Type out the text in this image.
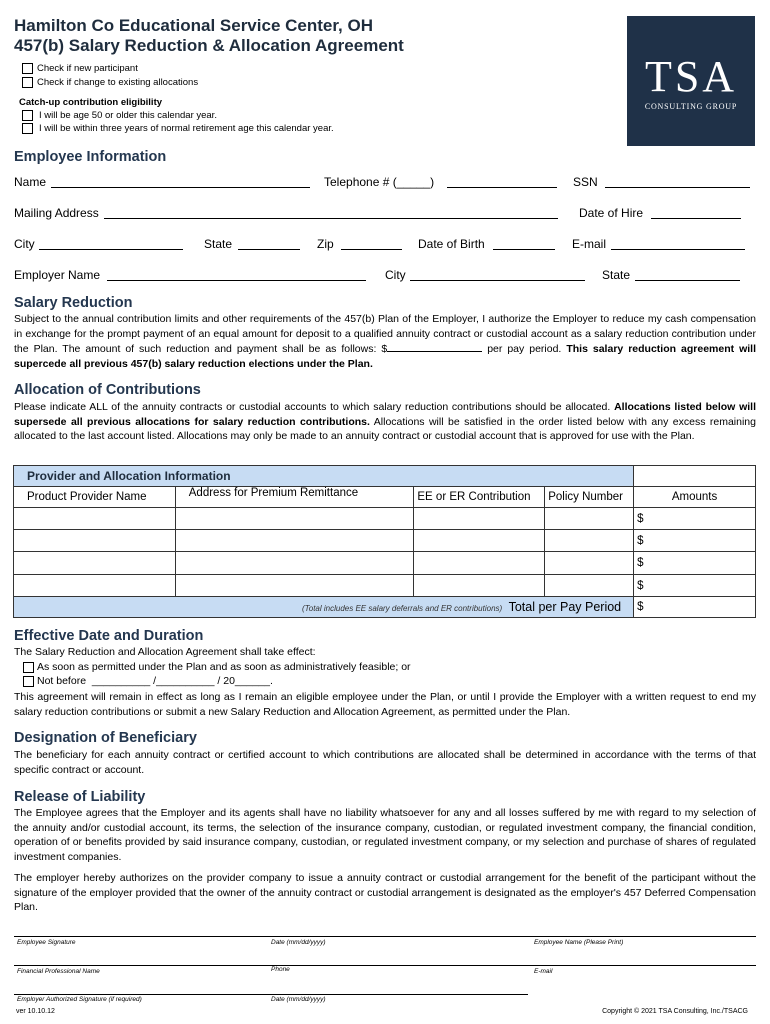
Hamilton Co Educational Service Center, OH
457(b) Salary Reduction & Allocation Agreement
Check if new participant
Check if change to existing allocations
Catch-up contribution eligibility
I will be age 50 or older this calendar year.
I will be within three years of normal retirement age this calendar year.
TSA
CONSULTING GROUP
Employee Information
Name	Telephone # (_____)	SSN
Mailing Address	Date of Hire
City	State	Zip	Date of Birth	E-mail
Employer Name	City	State
Salary Reduction
Subject to the annual contribution limits and other requirements of the 457(b) Plan of the Employer, I authorize the Employer to reduce my cash compensation in exchange for the prompt payment of an equal amount for deposit to a qualified annuity contract or custodial account as a salary reduction contribution under the Plan. The amount of such reduction and payment shall be as follows: $	per pay period. This salary reduction agreement will supercede all previous 457(b) salary reduction elections under the Plan.
Allocation of Contributions
Please indicate ALL of the annuity contracts or custodial accounts to which salary reduction contributions should be allocated. Allocations listed below will supersede all previous allocations for salary reduction contributions. Allocations will be satisfied in the order listed below with any excess remaining allocated to the last account listed. Allocations may only be made to an annuity contract or custodial account that is approved for use with the Plan.
Provider and Allocation Information				
Product Provider Name	Address for Premium Remittance	EE or ER Contribution	Policy Number	Amounts
				$
				$
				$
				$
(Total includes EE salary deferrals and ER contributions) Total per Pay Period				$
Effective Date and Duration
The Salary Reduction and Allocation Agreement shall take effect:
As soon as permitted under the Plan and as soon as administratively feasible; or
Not before  __________ /__________ / 20______.
This agreement will remain in effect as long as I remain an eligible employee under the Plan, or until I provide the Employer with a written request to end my salary reduction contributions or submit a new Salary Reduction and Allocation Agreement, as permitted under the Plan.
Designation of Beneficiary
The beneficiary for each annuity contract or certified account to which contributions are allocated shall be determined in accordance with the terms of that specific contract or account.
Release of Liability
The Employee agrees that the Employer and its agents shall have no liability whatsoever for any and all losses suffered by me with regard to my selection of the annuity and/or custodial account, its terms, the selection of the insurance company, custodian, or regulated investment company, the financial condition, operation of or benefits provided by said insurance company, custodian, or regulated investment company, or my selection and purchase of shares of regulated investment companies.
The employer hereby authorizes on the provider company to issue a annuity contract or custodial arrangement for the benefit of the participant without the signature of the employer provided that the owner of the annuity contract or custodial arrangement is designated as the employer's 457 Deferred Compensation Plan.
Employee Signature	Date (mm/dd/yyyy)	Employee Name (Please Print)
Financial Professional Name	Phone	E-mail
Employer Authorized Signature (if required)	Date (mm/dd/yyyy)
ver 10.10.12	Copyright © 2021 TSA Consulting, Inc./TSACG
